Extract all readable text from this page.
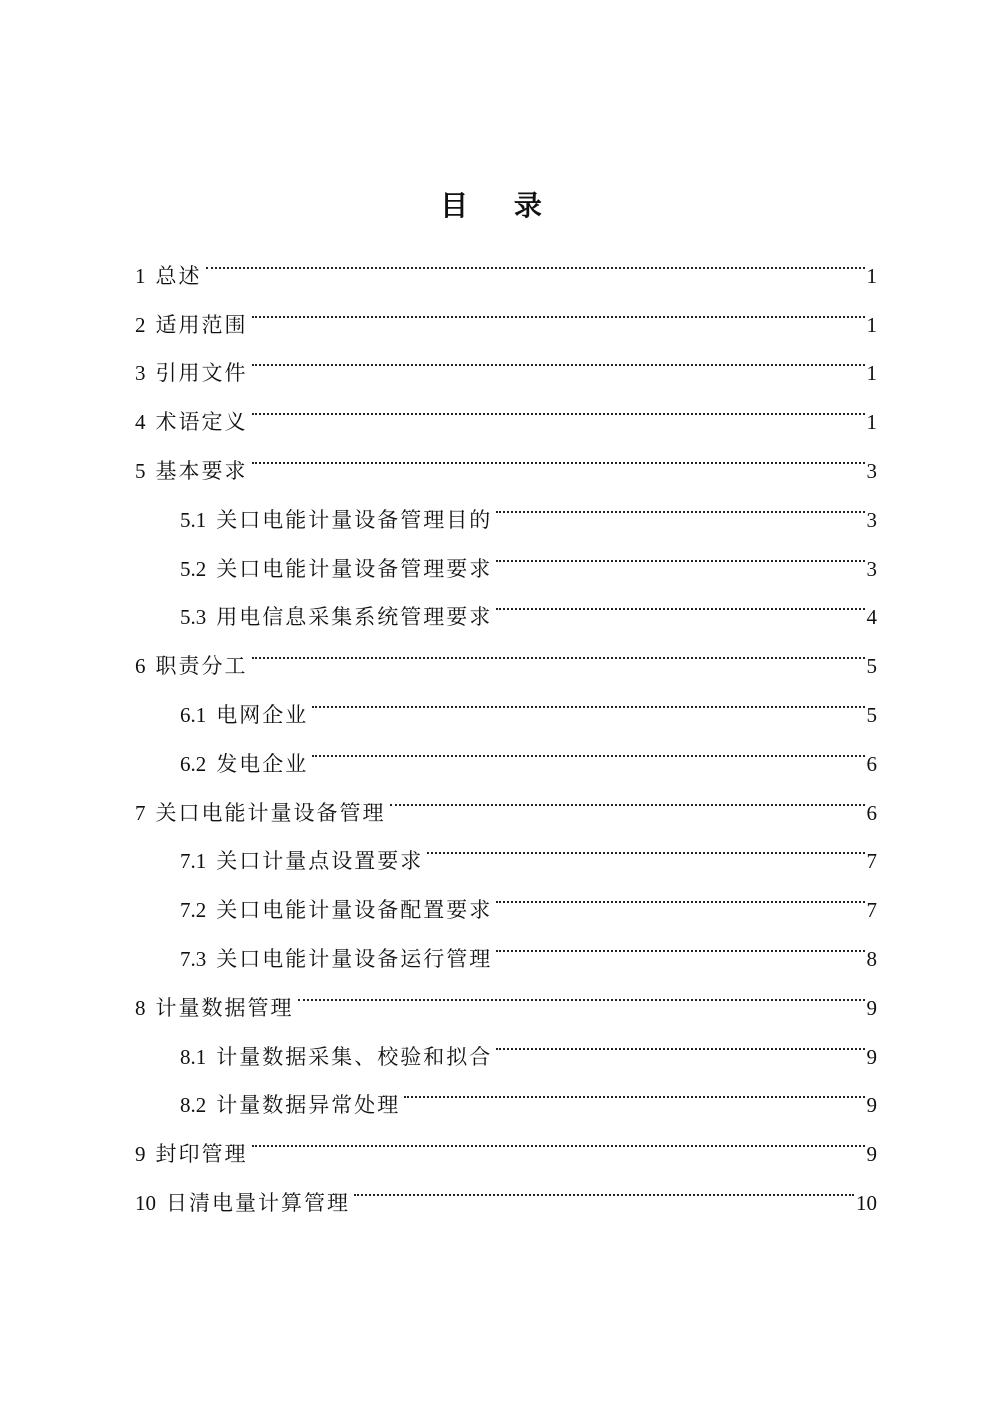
目 录
1 总述	1
2 适用范围	1
3 引用文件	1
4 术语定义	1
5 基本要求	3
5.1 关口电能计量设备管理目的	3
5.2 关口电能计量设备管理要求	3
5.3 用电信息采集系统管理要求	4
6 职责分工	5
6.1 电网企业	5
6.2 发电企业	6
7 关口电能计量设备管理	6
7.1 关口计量点设置要求	7
7.2 关口电能计量设备配置要求	7
7.3 关口电能计量设备运行管理	8
8 计量数据管理	9
8.1 计量数据采集、校验和拟合	9
8.2 计量数据异常处理	9
9 封印管理	9
10 日清电量计算管理	10
